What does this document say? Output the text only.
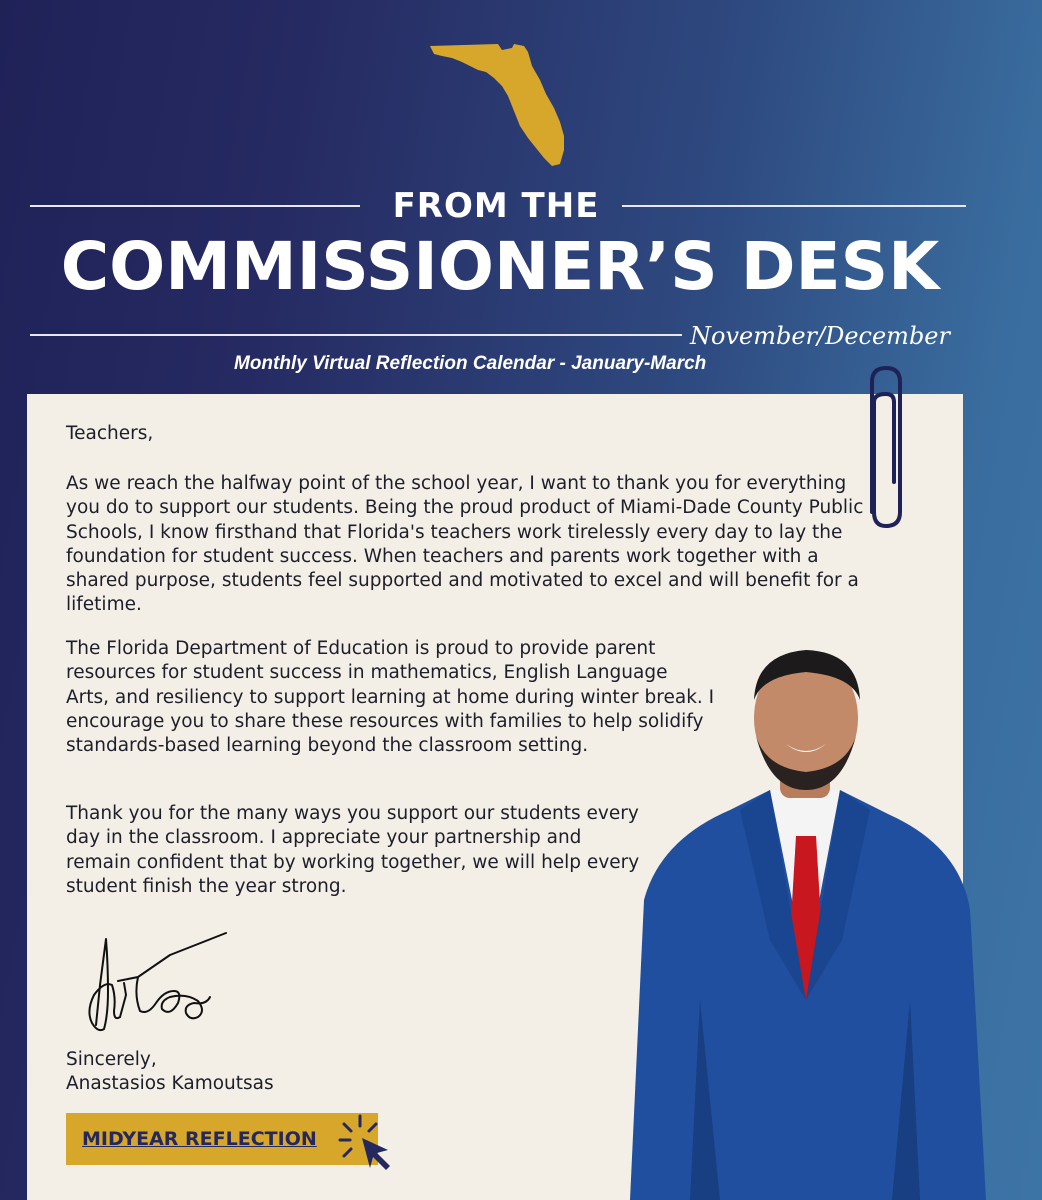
FROM THE
COMMISSIONER’S DESK
November/December
Monthly Virtual Reflection Calendar - January-March

Teachers,

As we reach the halfway point of the school year, I want to thank you for everything you do to support our students. Being the proud product of Miami-Dade County Public Schools, I know firsthand that Florida's teachers work tirelessly every day to lay the foundation for student success. When teachers and parents work together with a shared purpose, students feel supported and motivated to excel and will benefit for a lifetime.

The Florida Department of Education is proud to provide parent resources for student success in mathematics, English Language Arts, and resiliency to support learning at home during winter break. I encourage you to share these resources with families to help solidify standards-based learning beyond the classroom setting.

Thank you for the many ways you support our students every day in the classroom. I appreciate your partnership and remain confident that by working together, we will help every student finish the year strong.

Sincerely,

Anastasios Kamoutsas

MIDYEAR REFLECTION
